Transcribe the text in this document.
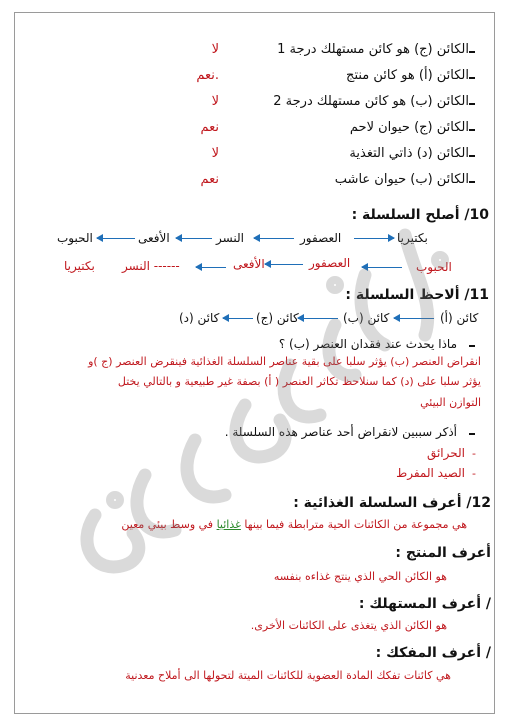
الكائن (ج) هو كائن مستهلك درجة 1
لا
الكائن (أ) هو كائن منتج
.نعم
الكائن (ب) هو كائن مستهلك درجة 2
لا
الكائن (ج) حيوان لاحم
نعم
الكائن (د) ذاتي التغذية
لا
الكائن (ب) حيوان عاشب
نعم
10/ أصلح السلسلة :
بكتيريا
العصفور
النسر
الأفعى
الحبوب
الحبوب
العصفور
الأفعى
النسر ------
بكتيريا
11/ ألاحظ السلسلة :
كائن (أ)
كائن (ب)
كائن (ج)
كائن (د)
ماذا يحدث عند فقدان العنصر (ب) ؟
انقراض العنصر (ب) يؤثر سلبا على بقية عناصر السلسلة الغذائية فينقرض العنصر (ج )و
يؤثر سلبا على (د) كما سنلاحظ تكاثر العنصر ( أ) بصفة غير طبيعية و بالتالي يختل
التوازن البيئي
أذكر سببين لانقراض أحد عناصر هذه السلسلة .
-
الحرائق
-
الصيد المفرط
12/ أعرف السلسلة الغذائية :
هي مجموعة من الكائنات الحية مترابطة فيما بينها غذائيا في وسط بيئي معين
أعرف المنتج :
هو الكائن الحي الذي ينتج غذاءه بنفسه
/ أعرف المستهلك :
هو الكائن الذي يتغذى على الكائنات الأخرى.
/ أعرف المفكك :
هي كائنات تفكك المادة العضوية للكائنات الميتة لتحولها الى أملاح معدنية
